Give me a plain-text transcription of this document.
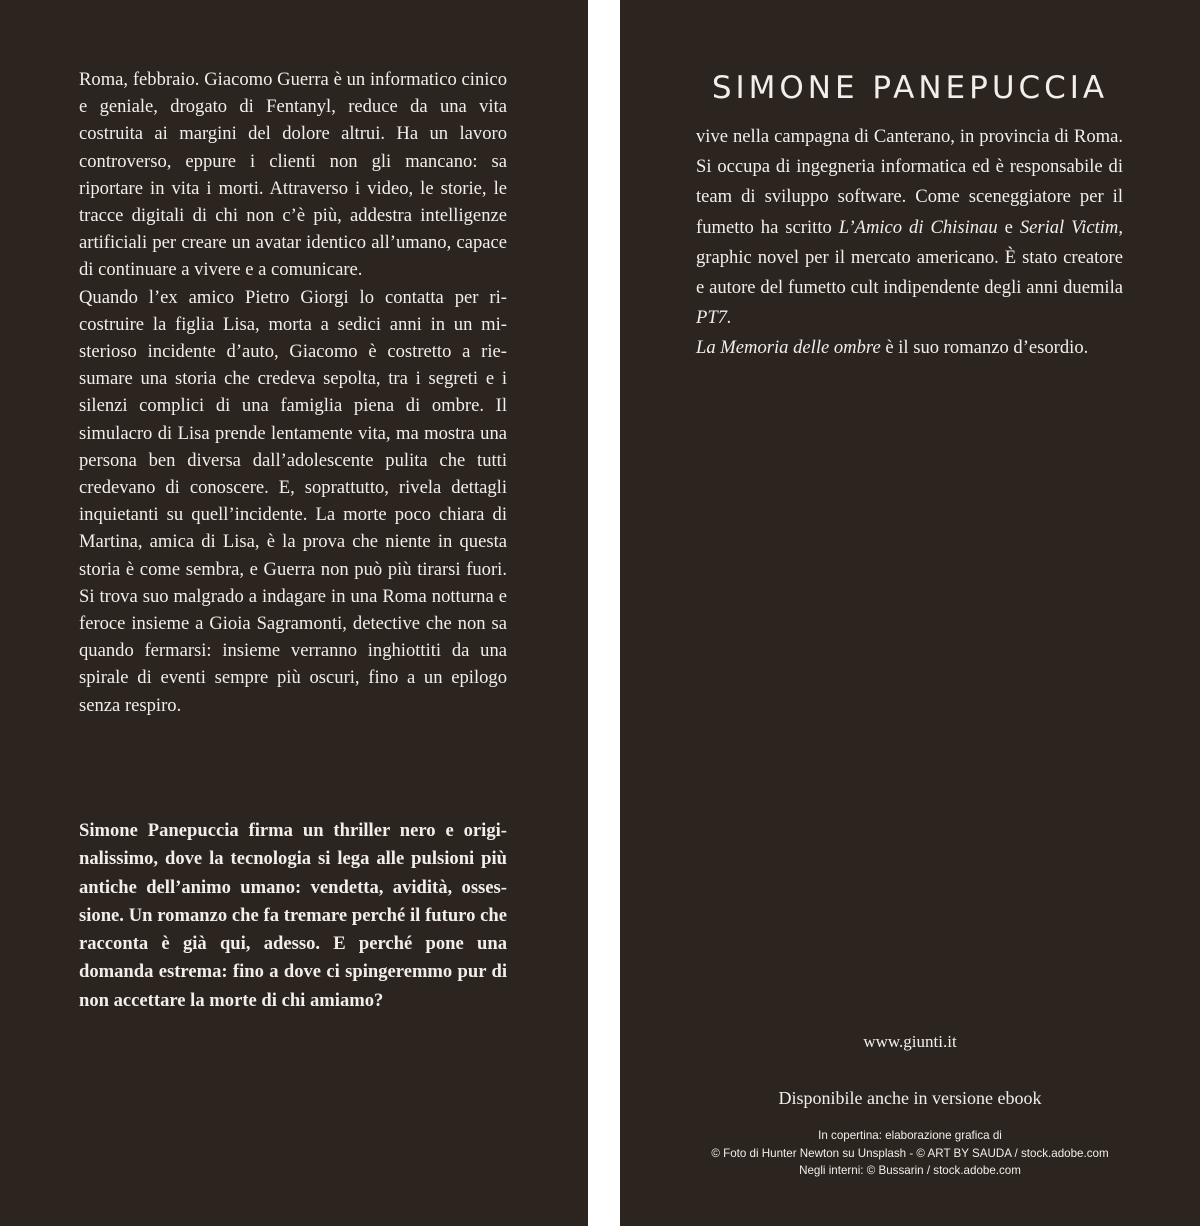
Roma, febbraio. Giacomo Guerra è un informatico cinico e geniale, drogato di Fentanyl, reduce da una vita costruita ai margini del dolore altrui. Ha un lavoro controverso, eppure i clienti non gli mancano: sa riportare in vita i morti. Attraverso i video, le storie, le tracce digitali di chi non c’è più, addestra intelligenze artificiali per creare un avatar identico all’umano, capace di continuare a vivere e a comunicare.

Quando l’ex amico Pietro Giorgi lo contatta per ricostruire la figlia Lisa, morta a sedici anni in un misterioso incidente d’auto, Giacomo è costretto a riesumare una storia che credeva sepolta, tra i segreti e i silenzi complici di una famiglia piena di ombre. Il simulacro di Lisa prende lentamente vita, ma mostra una persona ben diversa dall’adolescente pulita che tutti credevano di conoscere. E, soprattutto, rivela dettagli inquietanti su quell’incidente. La morte poco chiara di Martina, amica di Lisa, è la prova che niente in questa storia è come sembra, e Guerra non può più tirarsi fuori. Si trova suo malgrado a indagare in una Roma notturna e feroce insieme a Gioia Sagramonti, detective che non sa quando fermarsi: insieme verranno inghiottiti da una spirale di eventi sempre più oscuri, fino a un epilogo senza respiro.

Simone Panepuccia firma un thriller nero e originalissimo, dove la tecnologia si lega alle pulsioni più antiche dell’animo umano: vendetta, avidità, ossessione. Un romanzo che fa tremare perché il futuro che racconta è già qui, adesso. E perché pone una domanda estrema: fino a dove ci spingeremmo pur di non accettare la morte di chi amiamo?

SIMONE PANEPUCCIA

vive nella campagna di Canterano, in provincia di Roma. Si occupa di ingegneria informatica ed è responsabile di team di sviluppo software. Come sceneggiatore per il fumetto ha scritto L’Amico di Chisinau e Serial Victim, graphic novel per il mercato americano. È stato creatore e autore del fumetto cult indipendente degli anni duemila PT7.

La Memoria delle ombre è il suo romanzo d’esordio.

www.giunti.it
Disponibile anche in versione ebook
In copertina: elaborazione grafica di
© Foto di Hunter Newton su Unsplash - © ART BY SAUDA / stock.adobe.com
Negli interni: © Bussarin / stock.adobe.com
